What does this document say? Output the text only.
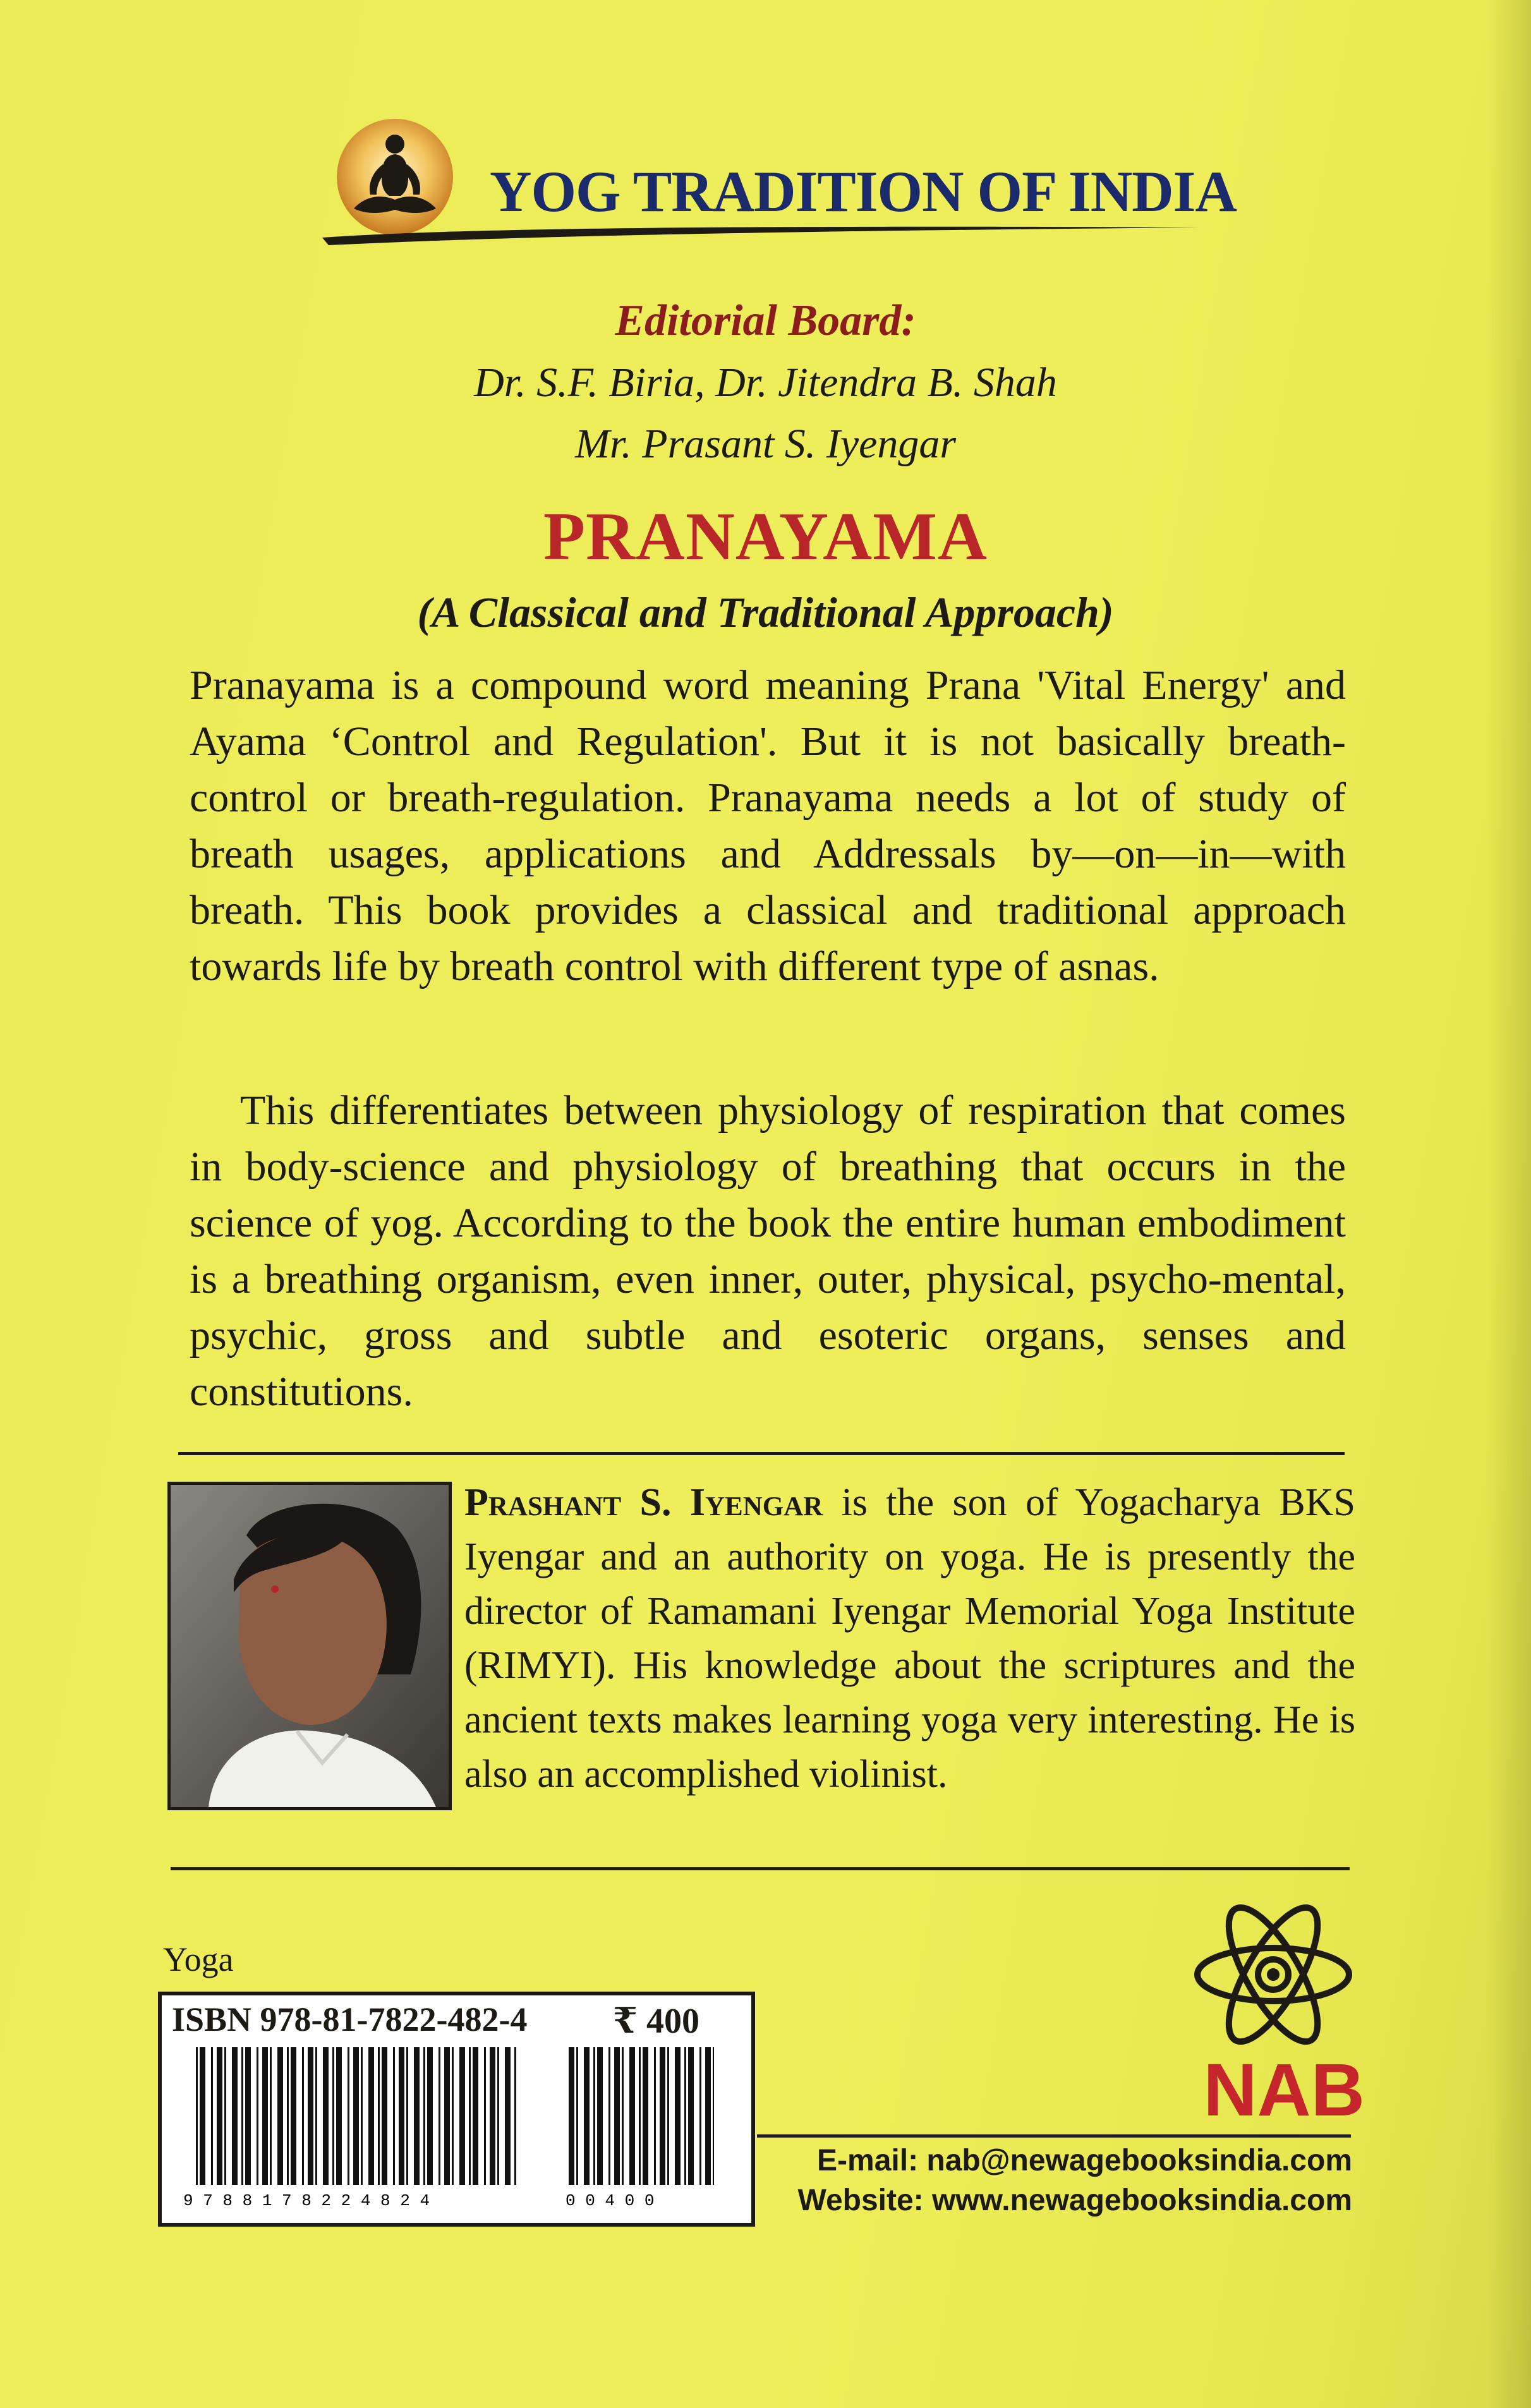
YOG TRADITION OF INDIA
Editorial Board:
Dr. S.F. Biria, Dr. Jitendra B. Shah
Mr. Prasant S. Iyengar
PRANAYAMA
(A Classical and Traditional Approach)
Pranayama is a compound word meaning Prana 'Vital Energy' and Ayama ‘Control and Regulation'. But it is not basically breath-control or breath-regulation. Pranayama needs a lot of study of breath usages, applications and Addressals by—on—in—with breath. This book provides a classical and traditional approach towards life by breath control with different type of asnas.
This differentiates between physiology of respiration that comes in body-science and physiology of breathing that occurs in the science of yog. According to the book the entire human embodiment is a breathing organism, even inner, outer, physical, psycho-mental, psychic, gross and subtle and esoteric organs, senses and constitutions.
Prashant S. Iyengar is the son of Yogacharya BKS Iyengar and an authority on yoga. He is presently the director of Ramamani Iyengar Memorial Yoga Institute (RIMYI). His knowledge about the scriptures and the ancient texts makes learning yoga very interesting. He is also an accomplished violinist.
Yoga
ISBN 978-81-7822-482-4 ₹ 400
9 7 8 8 1 7 8 2 2 4 8 2 4	0 0 4 0 0
NAB
E-mail: nab@newagebooksindia.com
Website: www.newagebooksindia.com
